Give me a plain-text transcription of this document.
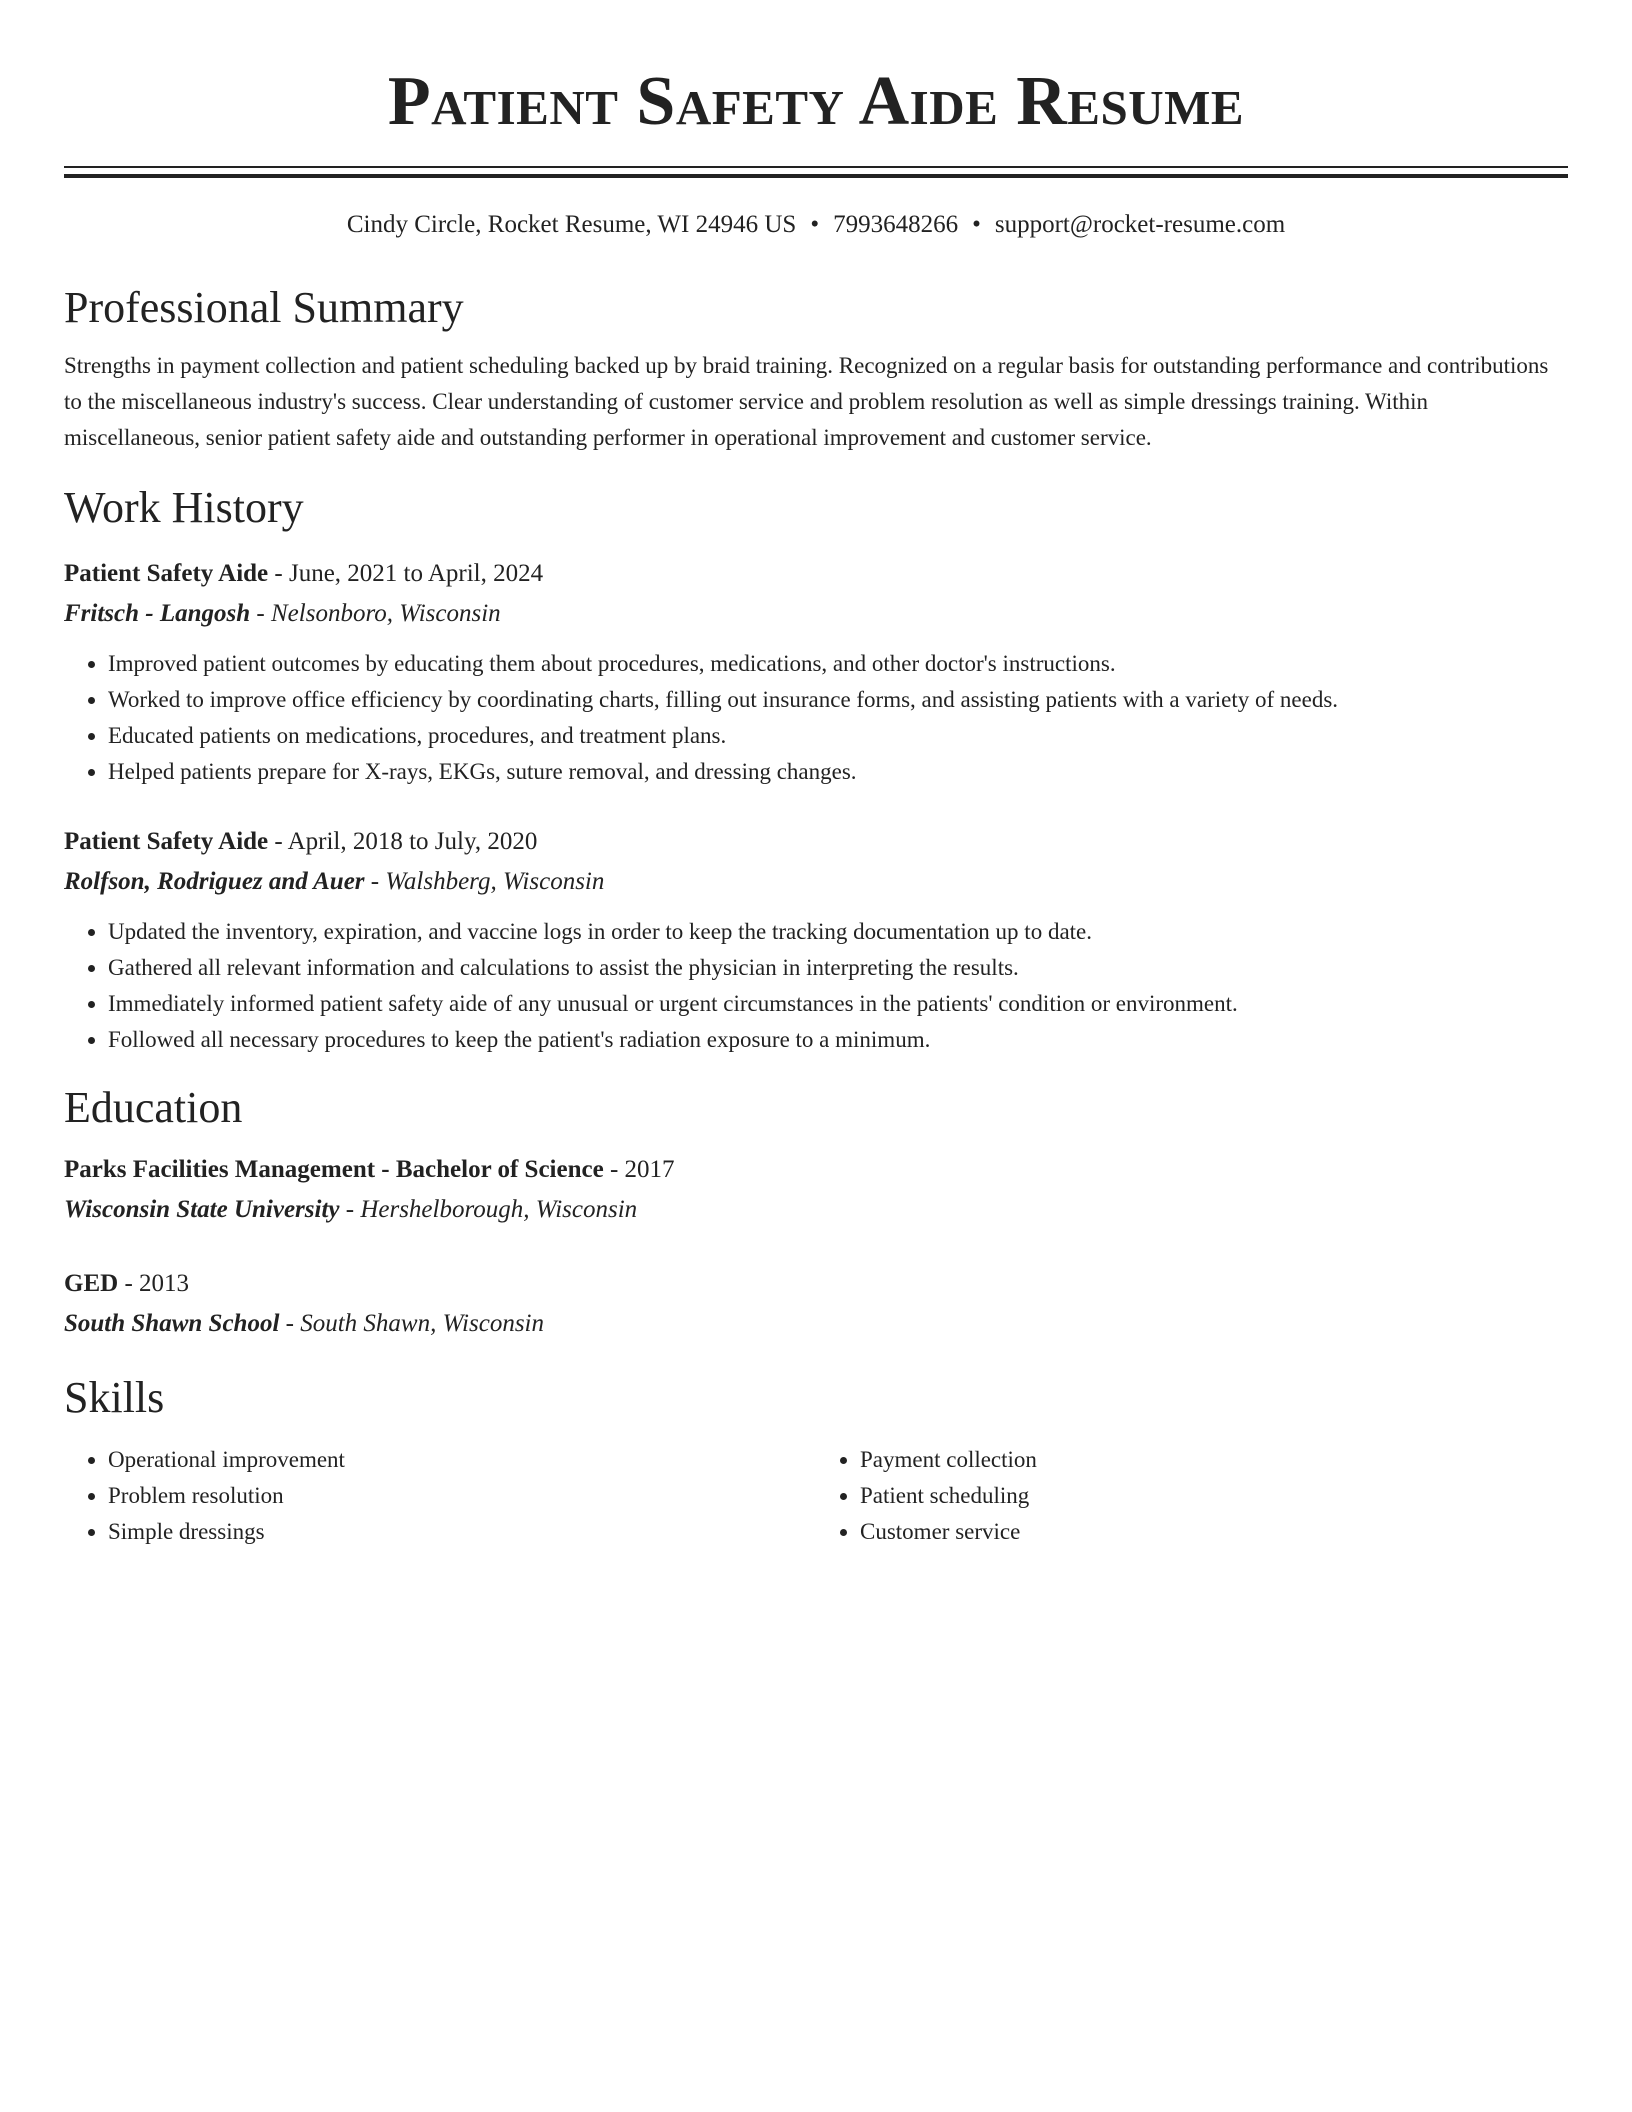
Patient Safety Aide Resume
Cindy Circle, Rocket Resume, WI 24946 US • 7993648266 • support@rocket-resume.com
Professional Summary

Strengths in payment collection and patient scheduling backed up by braid training. Recognized on a regular basis for outstanding performance and contributions to the miscellaneous industry's success. Clear understanding of customer service and problem resolution as well as simple dressings training. Within miscellaneous, senior patient safety aide and outstanding performer in operational improvement and customer service.

Work History
Patient Safety Aide - June, 2021 to April, 2024
Fritsch - Langosh - Nelsonboro, Wisconsin
• Improved patient outcomes by educating them about procedures, medications, and other doctor's instructions.
• Worked to improve office efficiency by coordinating charts, filling out insurance forms, and assisting patients with a variety of needs.
• Educated patients on medications, procedures, and treatment plans.
• Helped patients prepare for X-rays, EKGs, suture removal, and dressing changes.
Patient Safety Aide - April, 2018 to July, 2020
Rolfson, Rodriguez and Auer - Walshberg, Wisconsin
• Updated the inventory, expiration, and vaccine logs in order to keep the tracking documentation up to date.
• Gathered all relevant information and calculations to assist the physician in interpreting the results.
• Immediately informed patient safety aide of any unusual or urgent circumstances in the patients' condition or environment.
• Followed all necessary procedures to keep the patient's radiation exposure to a minimum.
Education
Parks Facilities Management - Bachelor of Science - 2017
Wisconsin State University - Hershelborough, Wisconsin
GED - 2013
South Shawn School - South Shawn, Wisconsin
Skills
• Operational improvement
• Problem resolution
• Simple dressings
• Payment collection
• Patient scheduling
• Customer service
